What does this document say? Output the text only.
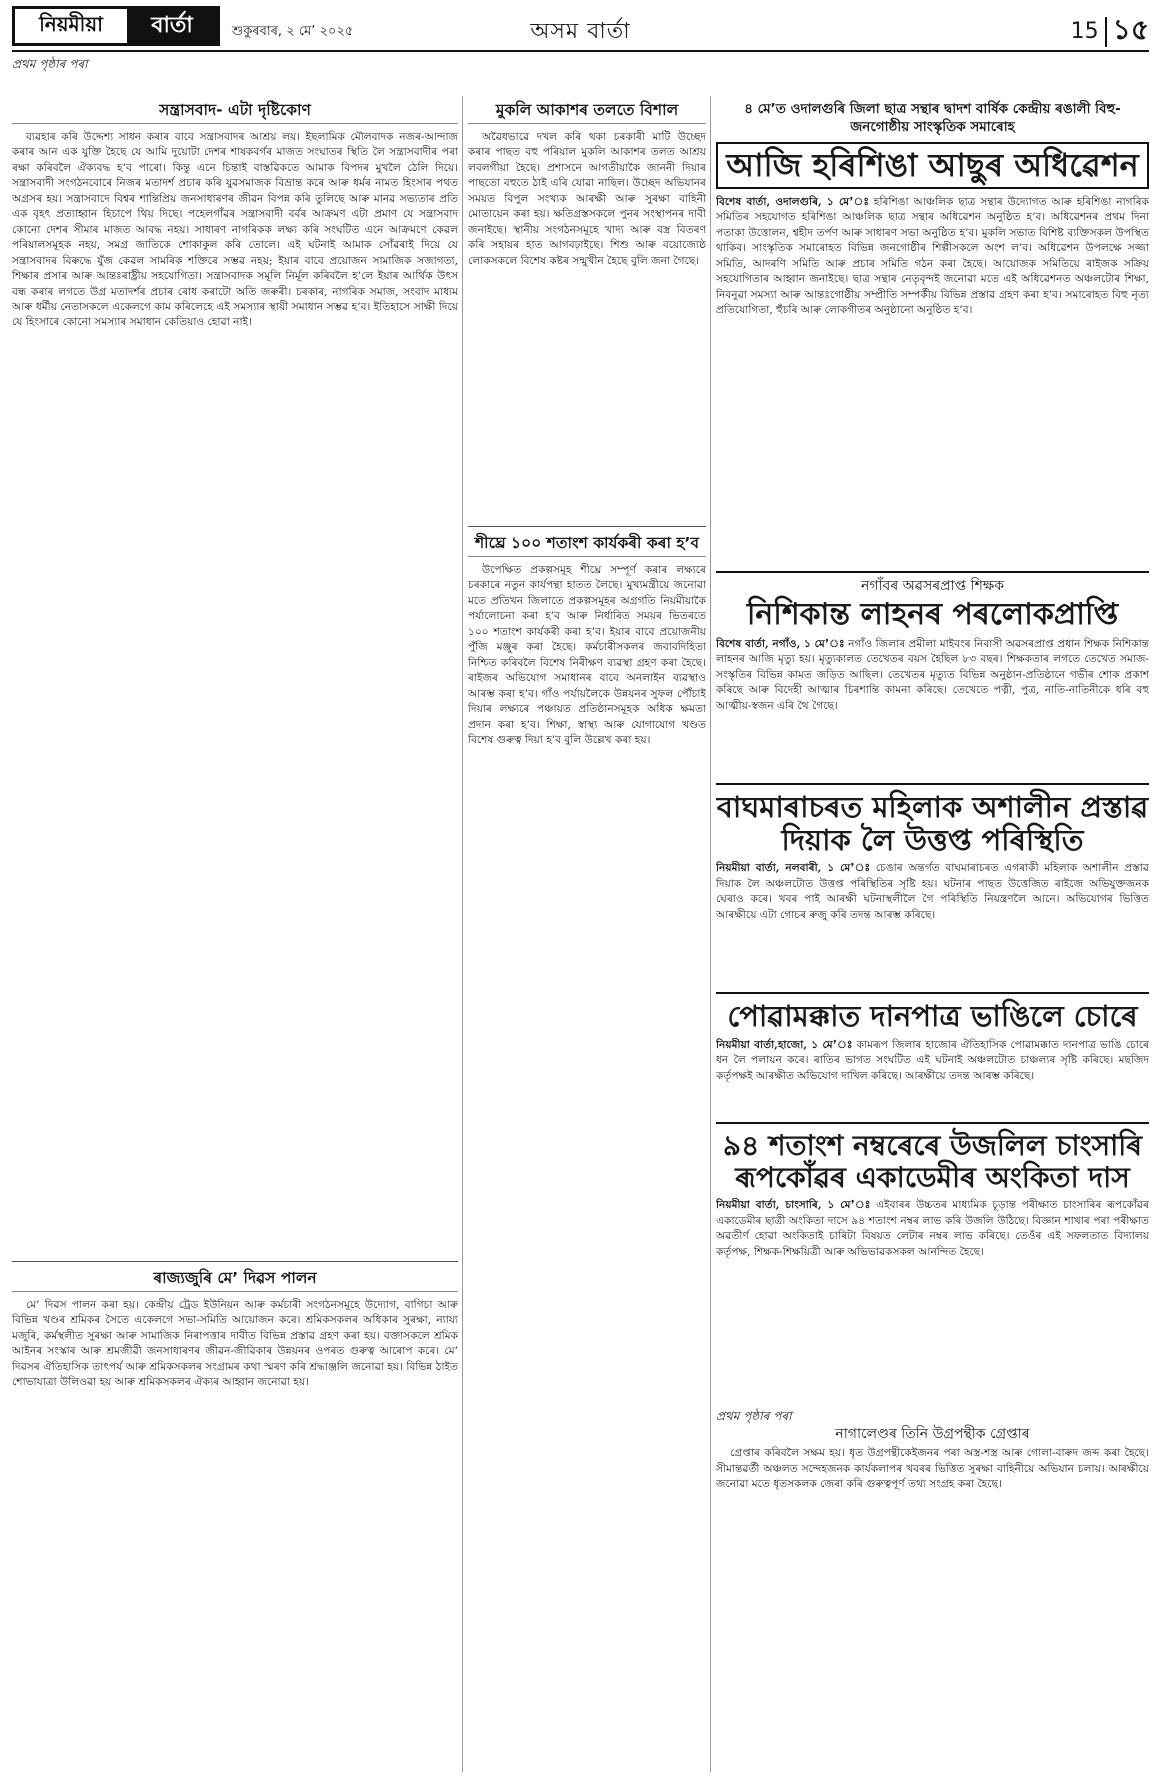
নিয়মীয়া	বাৰ্তা	শুকুৰবাৰ, ২ মে’ ২০২৫	অসম বাৰ্তা	15 ১৫
প্ৰথম পৃষ্ঠাৰ পৰা
সন্ত্ৰাসবাদ- এটা দৃষ্টিকোণ
ব্যৱহাৰ কৰি উদ্দেশ্য সাধন কৰাৰ বাবে সন্ত্ৰাসবাদৰ আশ্ৰয় লয়। ইছলামিক মৌলবাদক নজৰ-আন্দাজ কৰাৰ আন এক যুক্তি হৈছে যে আমি দুয়োটা দেশৰ শাষকবৰ্গৰ মাজত সংঘাতৰ স্থিতি লৈ সন্ত্ৰাসবাদীৰ পৰা ৰক্ষা কৰিবলৈ ঐক্যবদ্ধ হ’ব পাৰো। কিন্তু এনে চিন্তাই বাস্তৱিকতে আমাক বিপদৰ মুখলৈ ঠেলি দিয়ে। সন্ত্ৰাসবাদী সংগঠনবোৰে নিজৰ মতাদৰ্শ প্ৰচাৰ কৰি যুৱসমাজক বিভ্ৰান্ত কৰে আৰু ধৰ্মৰ নামত হিংসাৰ পথত অগ্ৰসৰ হয়। সন্ত্ৰাসবাদে বিশ্বৰ শান্তিপ্ৰিয় জনসাধাৰণৰ জীৱন বিপন্ন কৰি তুলিছে আৰু মানৱ সভ্যতাৰ প্ৰতি এক বৃহৎ প্ৰত্যাহ্বান হিচাপে থিয় দিছে। পহেলগাঁৱৰ সন্ত্ৰাসবাদী বৰ্বৰ আক্ৰমণ এটা প্ৰমাণ যে সন্ত্ৰাসবাদ কোনো দেশৰ সীমাৰ মাজত আবদ্ধ নহয়। সাধাৰণ নাগৰিকক লক্ষ্য কৰি সংঘটিত এনে আক্ৰমণে কেৱল পৰিয়ালসমূহক নহয়, সমগ্ৰ জাতিকে শোকাকুল কৰি তোলে। এই ঘটনাই আমাক সোঁৱৰাই দিয়ে যে সন্ত্ৰাসবাদৰ বিৰুদ্ধে যুঁজ কেৱল সামৰিক শক্তিৰে সম্ভৱ নহয়; ইয়াৰ বাবে প্ৰয়োজন সামাজিক সজাগতা, শিক্ষাৰ প্ৰসাৰ আৰু আন্তঃৰাষ্ট্ৰীয় সহযোগিতা। সন্ত্ৰাসবাদক সমূলি নিৰ্মূল কৰিবলৈ হ’লে ইয়াৰ আৰ্থিক উৎস বন্ধ কৰাৰ লগতে উগ্ৰ মতাদৰ্শৰ প্ৰচাৰ ৰোধ কৰাটো অতি জৰুৰী। চৰকাৰ, নাগৰিক সমাজ, সংবাদ মাধ্যম আৰু ধৰ্মীয় নেতাসকলে একেলগে কাম কৰিলেহে এই সমস্যাৰ স্থায়ী সমাধান সম্ভৱ হ’ব। ইতিহাসে সাক্ষী দিয়ে যে হিংসাৰে কোনো সমস্যাৰ সমাধান কেতিয়াও হোৱা নাই।
ৰাজ্যজুৰি মে’ দিৱস পালন
মে’ দিৱস পালন কৰা হয়। কেন্দ্ৰীয় ট্ৰেড ইউনিয়ন আৰু কৰ্মচাৰী সংগঠনসমূহে উদ্যোগ, বাগিচা আৰু বিভিন্ন খণ্ডৰ শ্ৰমিকৰ সৈতে একেলগে সভা-সমিতি আয়োজন কৰে। শ্ৰমিকসকলৰ অধিকাৰ সুৰক্ষা, ন্যায্য মজুৰি, কৰ্মস্থলীত সুৰক্ষা আৰু সামাজিক নিৰাপত্তাৰ দাবীত বিভিন্ন প্ৰস্তাৱ গ্ৰহণ কৰা হয়। বক্তাসকলে শ্ৰমিক আইনৰ সংস্কাৰ আৰু শ্ৰমজীৱী জনসাধাৰণৰ জীৱন-জীৱিকাৰ উন্নয়নৰ ওপৰত গুৰুত্ব আৰোপ কৰে। মে’ দিৱসৰ ঐতিহাসিক তাৎপৰ্য আৰু শ্ৰমিকসকলৰ সংগ্ৰামৰ কথা স্মৰণ কৰি শ্ৰদ্ধাঞ্জলি জনোৱা হয়। বিভিন্ন ঠাইত শোভাযাত্ৰা উলিওৱা হয় আৰু শ্ৰমিকসকলৰ ঐক্যৰ আহ্বান জনোৱা হয়।
মুকলি আকাশৰ তলতে বিশাল
অৱৈধভাৱে দখল কৰি থকা চৰকাৰী মাটি উচ্ছেদ কৰাৰ পাছত বহু পৰিয়াল মুকলি আকাশৰ তলত আশ্ৰয় লবলগীয়া হৈছে। প্ৰশাসনে আগতীয়াকৈ জাননী দিয়াৰ পাছতো বহুতে ঠাই এৰি যোৱা নাছিল। উচ্ছেদ অভিযানৰ সময়ত বিপুল সংখ্যক আৰক্ষী আৰু সুৰক্ষা বাহিনী মোতায়েন কৰা হয়। ক্ষতিগ্ৰস্তসকলে পুনৰ সংস্থাপনৰ দাবী জনাইছে। স্থানীয় সংগঠনসমূহে খাদ্য আৰু বস্ত্ৰ বিতৰণ কৰি সহায়ৰ হাত আগবঢ়াইছে। শিশু আৰু বয়োজ্যেষ্ঠ লোকসকলে বিশেষ কষ্টৰ সন্মুখীন হৈছে বুলি জনা গৈছে।
শীঘ্ৰে ১০০ শতাংশ কাৰ্যকৰী কৰা হ’ব
উপেক্ষিত প্ৰকল্পসমূহ শীঘ্ৰে সম্পূৰ্ণ কৰাৰ লক্ষ্যৰে চৰকাৰে নতুন কাৰ্যপন্থা হাতত লৈছে। মুখ্যমন্ত্ৰীয়ে জনোৱা মতে প্ৰতিখন জিলাতে প্ৰকল্পসমূহৰ অগ্ৰগতি নিয়মীয়াকৈ পৰ্যালোচনা কৰা হ’ব আৰু নিৰ্ধাৰিত সময়ৰ ভিতৰতে ১০০ শতাংশ কাৰ্যকৰী কৰা হ’ব। ইয়াৰ বাবে প্ৰয়োজনীয় পুঁজি মঞ্জুৰ কৰা হৈছে। কৰ্মচাৰীসকলৰ জবাবদিহিতা নিশ্চিত কৰিবলৈ বিশেষ নিৰীক্ষণ ব্যৱস্থা গ্ৰহণ কৰা হৈছে। ৰাইজৰ অভিযোগ সমাধানৰ বাবে অনলাইন ব্যৱস্থাও আৰম্ভ কৰা হ’ব। গাঁও পৰ্যায়লৈকে উন্নয়নৰ সুফল পৌঁচাই দিয়াৰ লক্ষ্যৰে পঞ্চায়ত প্ৰতিষ্ঠানসমূহক অধিক ক্ষমতা প্ৰদান কৰা হ’ব। শিক্ষা, স্বাস্থ্য আৰু যোগাযোগ খণ্ডত বিশেষ গুৰুত্ব দিয়া হ’ব বুলি উল্লেখ কৰা হয়।
৪ মে’ত ওদালগুৰি জিলা ছাত্ৰ সন্থাৰ দ্বাদশ বাৰ্ষিক কেন্দ্ৰীয় ৰঙালী বিহু-জনগোষ্ঠীয় সাংস্কৃতিক সমাৰোহ
আজি হৰিশিঙা আছুৰ অধিৱেশন
বিশেষ বাৰ্তা, ওদালগুৰি, ১ মে’ঃ হৰিশিঙা আঞ্চলিক ছাত্ৰ সন্থাৰ উদ্যোগত আৰু হৰিশিঙা নাগৰিক সমিতিৰ সহযোগত হৰিশিঙা আঞ্চলিক ছাত্ৰ সন্থাৰ অধিৱেশন অনুষ্ঠিত হ’ব। অধিৱেশনৰ প্ৰথম দিনা পতাকা উত্তোলন, শ্বহীদ তৰ্পণ আৰু সাধাৰণ সভা অনুষ্ঠিত হ’ব। মুকলি সভাত বিশিষ্ট ব্যক্তিসকল উপস্থিত থাকিব। সাংস্কৃতিক সমাৰোহত বিভিন্ন জনগোষ্ঠীৰ শিল্পীসকলে অংশ ল’ব। অধিৱেশন উপলক্ষে সজ্জা সমিতি, আদৰণি সমিতি আৰু প্ৰচাৰ সমিতি গঠন কৰা হৈছে। আয়োজক সমিতিয়ে ৰাইজক সক্ৰিয় সহযোগিতাৰ আহ্বান জনাইছে। ছাত্ৰ সন্থাৰ নেতৃবৃন্দই জনোৱা মতে এই অধিৱেশনত অঞ্চলটোৰ শিক্ষা, নিবনুৱা সমস্যা আৰু আন্তঃগোষ্ঠীয় সম্প্ৰীতি সম্পৰ্কীয় বিভিন্ন প্ৰস্তাৱ গ্ৰহণ কৰা হ’ব। সমাৰোহত বিহু নৃত্য প্ৰতিযোগিতা, হুঁচৰি আৰু লোকগীতৰ অনুষ্ঠানো অনুষ্ঠিত হ’ব।
নগাঁবৰ অৱসৰপ্ৰাপ্ত শিক্ষক
নিশিকান্ত লাহনৰ পৰলোকপ্ৰাপ্তি
বিশেষ বাৰ্তা, নগাঁও, ১ মে’ঃ নগাঁও জিলাৰ প্ৰমীলা মাইবংৰ নিবাসী অৱসৰপ্ৰাপ্ত প্ৰধান শিক্ষক নিশিকান্ত লাহনৰ আজি মৃত্যু হয়। মৃত্যুকালত তেখেতৰ বয়স হৈছিল ৮৩ বছৰ। শিক্ষকতাৰ লগতে তেখেত সমাজ-সংস্কৃতিৰ বিভিন্ন কামত জড়িত আছিল। তেখেতৰ মৃত্যুত বিভিন্ন অনুষ্ঠান-প্ৰতিষ্ঠানে গভীৰ শোক প্ৰকাশ কৰিছে আৰু বিদেহী আত্মাৰ চিৰশান্তি কামনা কৰিছে। তেখেতে পত্নী, পুত্ৰ, নাতি-নাতিনীকে ধৰি বহু আত্মীয়-স্বজন এৰি থৈ গৈছে।
বাঘমাৰাচৰত মহিলাক অশালীন প্ৰস্তাৱ দিয়াক লৈ উত্তপ্ত পৰিস্থিতি
নিয়মীয়া বাৰ্তা, নলবাৰী, ১ মে’ঃ চেঙাৰ অন্তৰ্গত বাঘমাৰাচৰত এগৰাকী মহিলাক অশালীন প্ৰস্তাৱ দিয়াক লৈ অঞ্চলটোত উত্তপ্ত পৰিস্থিতিৰ সৃষ্টি হয়। ঘটনাৰ পাছত উত্তেজিত ৰাইজে অভিযুক্তজনক ঘেৰাও কৰে। খবৰ পাই আৰক্ষী ঘটনাস্থলীলৈ গৈ পৰিস্থিতি নিয়ন্ত্ৰণলৈ আনে। অভিযোগৰ ভিত্তিত আৰক্ষীয়ে এটা গোচৰ ৰুজু কৰি তদন্ত আৰম্ভ কৰিছে।
পোৱামক্কাত দানপাত্ৰ ভাঙিলে চোৰে
নিয়মীয়া বাৰ্তা,হাজো, ১ মে’ঃ কামৰূপ জিলাৰ হাজোৰ ঐতিহাসিক পোৱামক্কাত দানপাত্ৰ ভাঙি চোৰে ধন লৈ পলায়ন কৰে। ৰাতিৰ ভাগত সংঘটিত এই ঘটনাই অঞ্চলটোত চাঞ্চল্যৰ সৃষ্টি কৰিছে। মছজিদ কৰ্তৃপক্ষই আৰক্ষীত অভিযোগ দাখিল কৰিছে। আৰক্ষীয়ে তদন্ত আৰম্ভ কৰিছে।
৯৪ শতাংশ নম্বৰেৰে উজলিল চাংসাৰি ৰূপকোঁৱৰ একাডেমীৰ অংকিতা দাস
নিয়মীয়া বাৰ্তা, চাংসাৰি, ১ মে’ঃ এইবাৰৰ উচ্চতৰ মাধ্যমিক চূড়ান্ত পৰীক্ষাত চাংসাৰিৰ ৰূপকোঁৱৰ একাডেমীৰ ছাত্ৰী অংকিতা দাসে ৯৪ শতাংশ নম্বৰ লাভ কৰি উজলি উঠিছে। বিজ্ঞান শাখাৰ পৰা পৰীক্ষাত অৱতীৰ্ণ হোৱা অংকিতাই চাৰিটা বিষয়ত লেটাৰ নম্বৰ লাভ কৰিছে। তেওঁৰ এই সফলতাত বিদ্যালয় কৰ্তৃপক্ষ, শিক্ষক-শিক্ষয়িত্ৰী আৰু অভিভাৱকসকল আনন্দিত হৈছে।
প্ৰথম পৃষ্ঠাৰ পৰা
নাগালেণ্ডৰ তিনি উগ্ৰপন্থীক গ্ৰেপ্তাৰ
গ্ৰেপ্তাৰ কৰিবলৈ সক্ষম হয়। ধৃত উগ্ৰপন্থীকেইজনৰ পৰা অস্ত্ৰ-শস্ত্ৰ আৰু গোলা-বাৰুদ জব্দ কৰা হৈছে। সীমান্তৱৰ্তী অঞ্চলত সন্দেহজনক কাৰ্যকলাপৰ খবৰৰ ভিত্তিত সুৰক্ষা বাহিনীয়ে অভিযান চলায়। আৰক্ষীয়ে জনোৱা মতে ধৃতসকলক জেৰা কৰি গুৰুত্বপূৰ্ণ তথ্য সংগ্ৰহ কৰা হৈছে।
